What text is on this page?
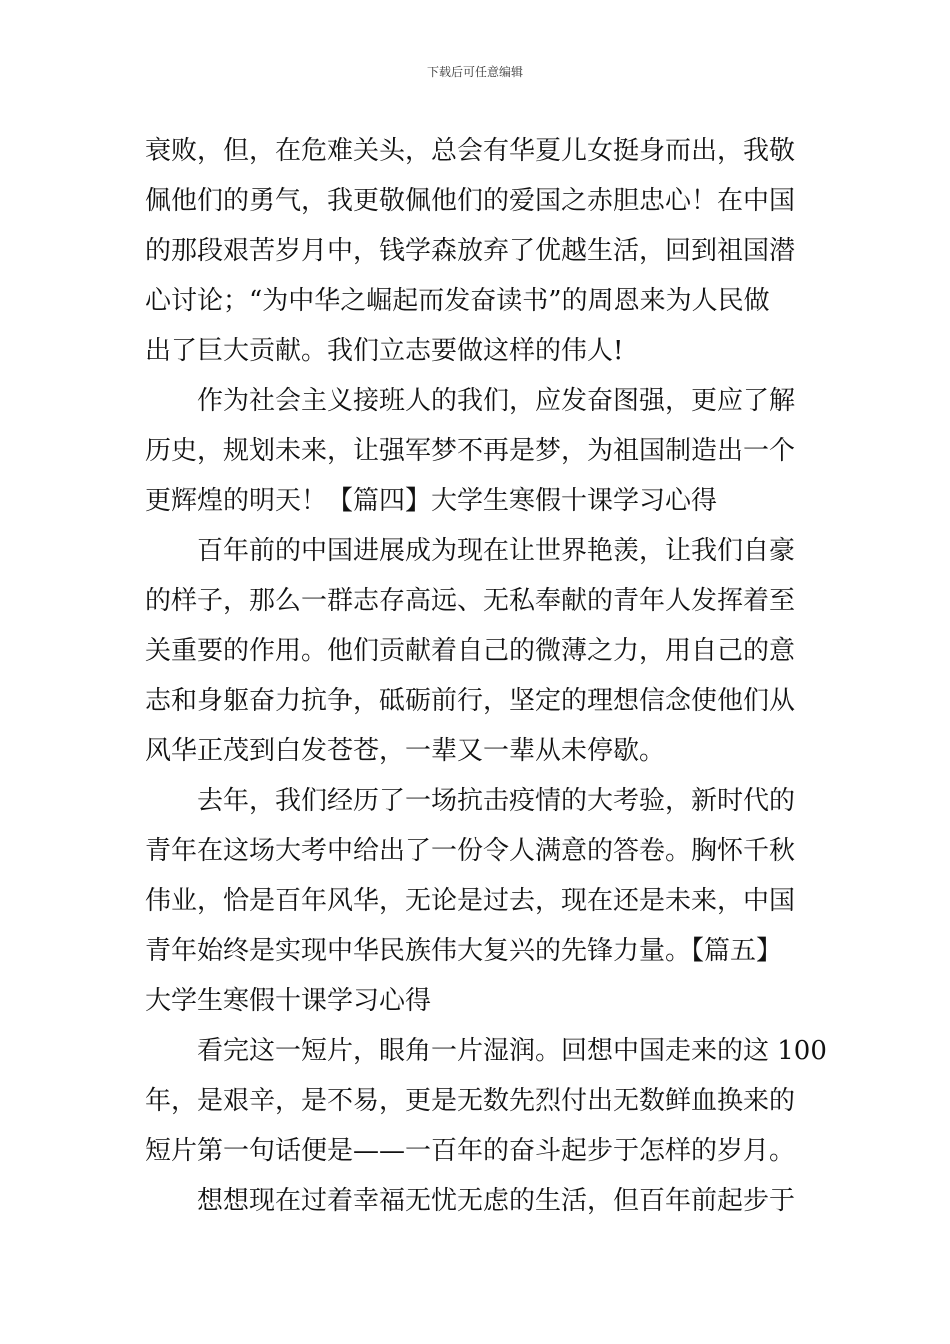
下载后可任意编辑
衰败，但，在危难关头，总会有华夏儿女挺身而出，我敬
佩他们的勇气，我更敬佩他们的爱国之赤胆忠心！在中国
的那段艰苦岁月中，钱学森放弃了优越生活，回到祖国潜
心讨论；“为中华之崛起而发奋读书”的周恩来为人民做
出了巨大贡献。我们立志要做这样的伟人!
作为社会主义接班人的我们，应发奋图强，更应了解
历史，规划未来，让强军梦不再是梦，为祖国制造出一个
更辉煌的明天！【篇四】大学生寒假十课学习心得
百年前的中国进展成为现在让世界艳羡，让我们自豪
的样子，那么一群志存高远、无私奉献的青年人发挥着至
关重要的作用。他们贡献着自己的微薄之力，用自己的意
志和身躯奋力抗争，砥砺前行，坚定的理想信念使他们从
风华正茂到白发苍苍，一辈又一辈从未停歇。
去年，我们经历了一场抗击疫情的大考验，新时代的
青年在这场大考中给出了一份令人满意的答卷。胸怀千秋
伟业，恰是百年风华，无论是过去，现在还是未来，中国
青年始终是实现中华民族伟大复兴的先锋力量。【篇五】
大学生寒假十课学习心得
看完这一短片，眼角一片湿润。回想中国走来的这 100
年，是艰辛，是不易，更是无数先烈付出无数鲜血换来的
短片第一句话便是——一百年的奋斗起步于怎样的岁月。
想想现在过着幸福无忧无虑的生活，但百年前起步于
